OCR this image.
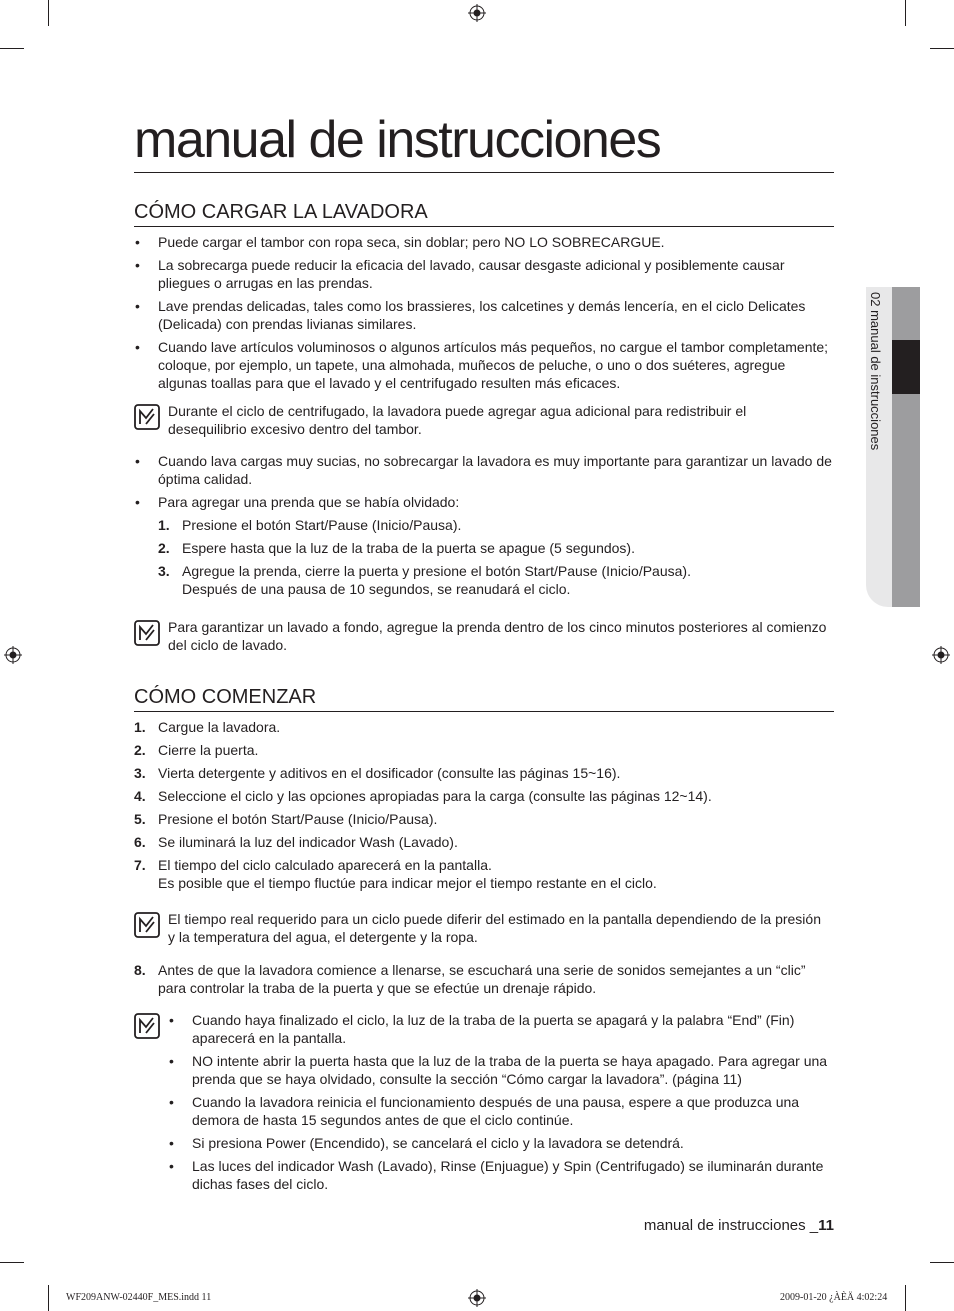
02 manual de instrucciones
manual de instrucciones
CÓMO CARGAR LA LAVADORA
• Puede cargar el tambor con ropa seca, sin doblar; pero NO LO SOBRECARGUE.
• La sobrecarga puede reducir la eficacia del lavado, causar desgaste adicional y posiblemente causar pliegues o arrugas en las prendas.
• Lave prendas delicadas, tales como los brassieres, los calcetines y demás lencería, en el ciclo Delicates (Delicada) con prendas livianas similares.
• Cuando lave artículos voluminosos o algunos artículos más pequeños, no cargue el tambor completamente; coloque, por ejemplo, un tapete, una almohada, muñecos de peluche, o uno o dos suéteres, agregue algunas toallas para que el lavado y el centrifugado resulten más eficaces.
Durante el ciclo de centrifugado, la lavadora puede agregar agua adicional para redistribuir el desequilibrio excesivo dentro del tambor.
• Cuando lava cargas muy sucias, no sobrecargar la lavadora es muy importante para garantizar un lavado de óptima calidad.
• Para agregar una prenda que se había olvidado:
1. Presione el botón Start/Pause (Inicio/Pausa).
2. Espere hasta que la luz de la traba de la puerta se apague (5 segundos).
3. Agregue la prenda, cierre la puerta y presione el botón Start/Pause (Inicio/Pausa).
Después de una pausa de 10 segundos, se reanudará el ciclo.
Para garantizar un lavado a fondo, agregue la prenda dentro de los cinco minutos posteriores al comienzo del ciclo de lavado.
CÓMO COMENZAR
1. Cargue la lavadora.
2. Cierre la puerta.
3. Vierta detergente y aditivos en el dosificador (consulte las páginas 15~16).
4. Seleccione el ciclo y las opciones apropiadas para la carga (consulte las páginas 12~14).
5. Presione el botón Start/Pause (Inicio/Pausa).
6. Se iluminará la luz del indicador Wash (Lavado).
7. El tiempo del ciclo calculado aparecerá en la pantalla.
Es posible que el tiempo fluctúe para indicar mejor el tiempo restante en el ciclo.
El tiempo real requerido para un ciclo puede diferir del estimado en la pantalla dependiendo de la presión y la temperatura del agua, el detergente y la ropa.
8. Antes de que la lavadora comience a llenarse, se escuchará una serie de sonidos semejantes a un “clic” para controlar la traba de la puerta y que se efectúe un drenaje rápido.
• Cuando haya finalizado el ciclo, la luz de la traba de la puerta se apagará y la palabra “End” (Fin) aparecerá en la pantalla.
• NO intente abrir la puerta hasta que la luz de la traba de la puerta se haya apagado. Para agregar una prenda que se haya olvidado, consulte la sección “Cómo cargar la lavadora”. (página 11)
• Cuando la lavadora reinicia el funcionamiento después de una pausa, espere a que produzca una demora de hasta 15 segundos antes de que el ciclo continúe.
• Si presiona Power (Encendido), se cancelará el ciclo y la lavadora se detendrá.
• Las luces del indicador Wash (Lavado), Rinse (Enjuague) y Spin (Centrifugado) se iluminarán durante dichas fases del ciclo.
manual de instrucciones _11
WF209ANW-02440F_MES.indd 11	2009-01-20 ¿ÀÈÄ 4:02:24
